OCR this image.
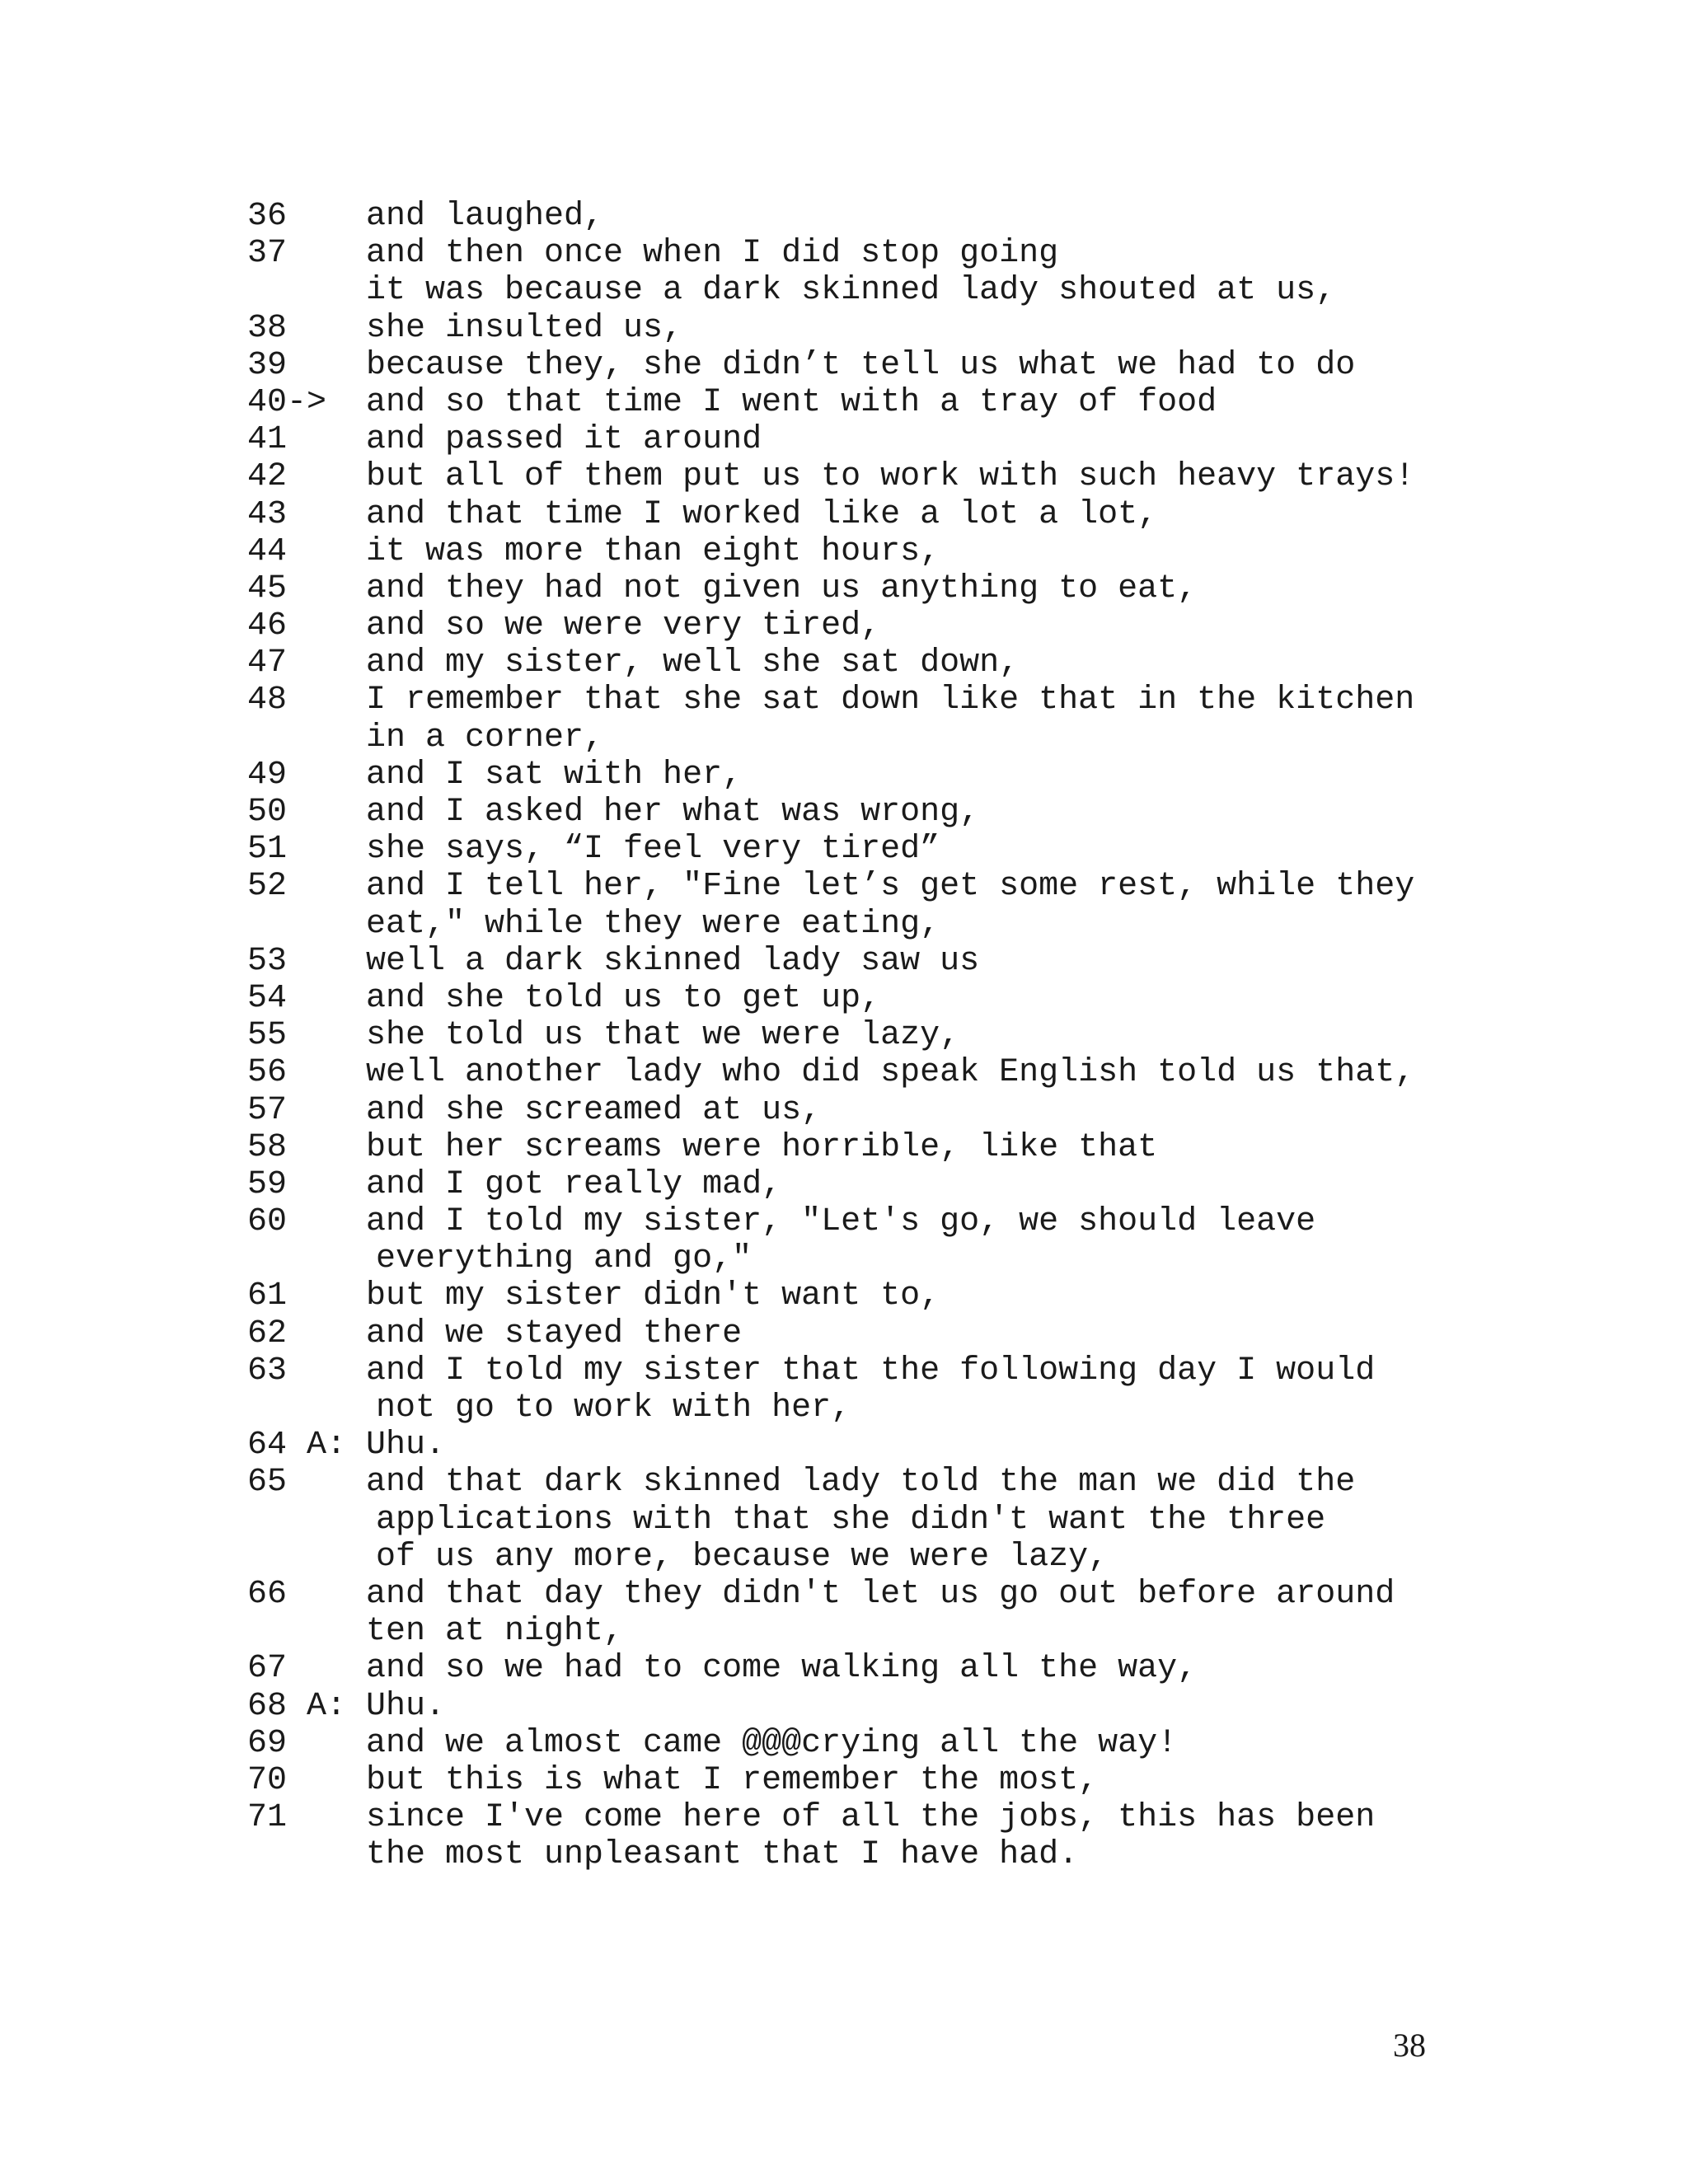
36	and laughed,
37	and then once when I did stop going
it was because a dark skinned lady shouted at us,
38	she insulted us,
39	because they, she didn’t tell us what we had to do
40->	and so that time I went with a tray of food
41	and passed it around
42	but all of them put us to work with such heavy trays!
43	and that time I worked like a lot a lot,
44	it was more than eight hours,
45	and they had not given us anything to eat,
46	and so we were very tired,
47	and my sister, well she sat down,
48	I remember that she sat down like that in the kitchen
in a corner,
49	and I sat with her,
50	and I asked her what was wrong,
51	she says, “I feel very tired”
52	and I tell her, "Fine let’s get some rest, while they
eat," while they were eating,
53	well a dark skinned lady saw us
54	and she told us to get up,
55	she told us that we were lazy,
56	well another lady who did speak English told us that,
57	and she screamed at us,
58	but her screams were horrible, like that
59	and I got really mad,
60	and I told my sister, "Let's go, we should leave
everything and go,"
61	but my sister didn't want to,
62	and we stayed there
63	and I told my sister that the following day I would
not go to work with her,
64 A: Uhu.
65	and that dark skinned lady told the man we did the
applications with that she didn't want the three
of us any more, because we were lazy,
66	and that day they didn't let us go out before around
ten at night,
67	and so we had to come walking all the way,
68 A: Uhu.
69	and we almost came @@@crying all the way!
70	but this is what I remember the most,
71	since I've come here of all the jobs, this has been
the most unpleasant that I have had.
38
